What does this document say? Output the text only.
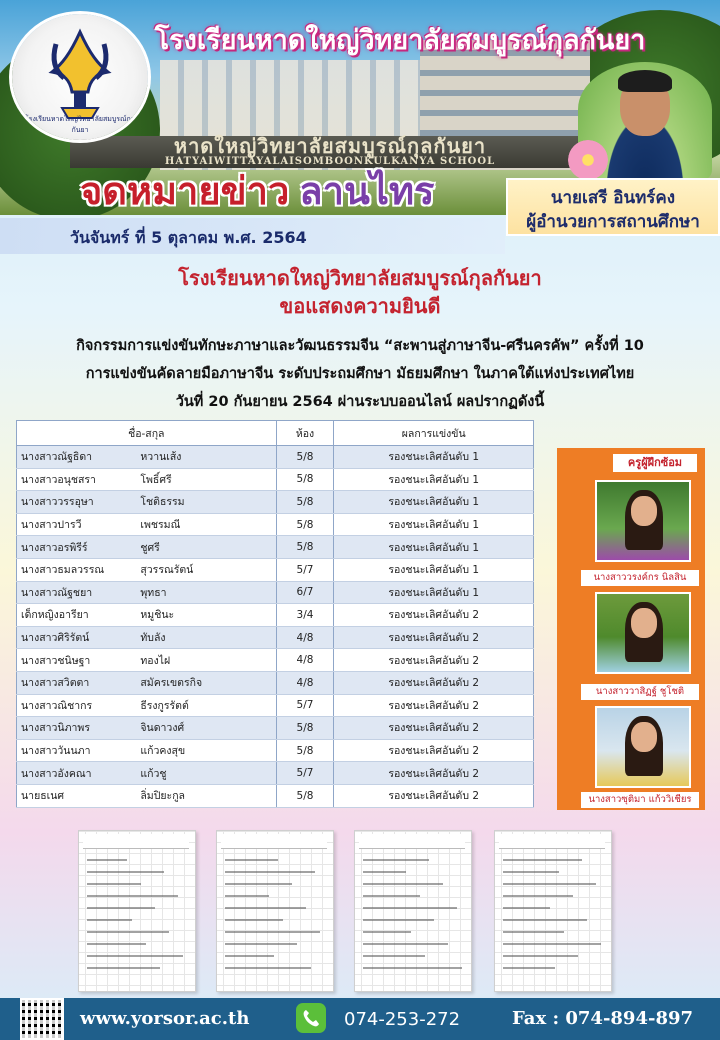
หาดใหญ่วิทยาลัยสมบูรณ์กุลกันยา
HATYAIWITTAYALAISOMBOONKULKANYA SCHOOL
โรงเรียนหาดใหญ่วิทยาลัยสมบูรณ์กุลกันยา
โรงเรียนหาดใหญ่วิทยาลัยสมบูรณ์กุลกันยา
จดหมายข่าว ลานไทร	นายเสรี อินทร์คง
ผู้อำนวยการสถานศึกษา
วันจันทร์ ที่ 5 ตุลาคม พ.ศ. 2564
โรงเรียนหาดใหญ่วิทยาลัยสมบูรณ์กุลกันยา
ขอแสดงความยินดี
กิจกรรมการแข่งขันทักษะภาษาและวัฒนธรรมจีน “สะพานสู่ภาษาจีน-ศรีนครคัพ” ครั้งที่ 10
การแข่งขันคัดลายมือภาษาจีน ระดับประถมศึกษา มัธยมศึกษา ในภาคใต้แห่งประเทศไทย
วันที่ 20 กันยายน 2564 ผ่านระบบออนไลน์ ผลปรากฏดังนี้
ชื่อ-สกุล		ห้อง	ผลการแข่งขัน
นางสาวณัฐธิดา	หวานเส้ง	5/8	รองชนะเลิศอันดับ 1
นางสาวอนุชสรา	โพธิ์ศรี	5/8	รองชนะเลิศอันดับ 1
นางสาววรรอุษา	โชติธรรม	5/8	รองชนะเลิศอันดับ 1
นางสาวปารวี	เพชรมณี	5/8	รองชนะเลิศอันดับ 1
นางสาวอรพิรีร์	ชูศรี	5/8	รองชนะเลิศอันดับ 1
นางสาวธมลวรรณ	สุวรรณรัตน์	5/7	รองชนะเลิศอันดับ 1
นางสาวณัฐชยา	พุทธา	6/7	รองชนะเลิศอันดับ 1
เด็กหญิงอารียา	หมูชินะ	3/4	รองชนะเลิศอันดับ 2
นางสาวศิริรัตน์	ทับลัง	4/8	รองชนะเลิศอันดับ 2
นางสาวชนิษฐา	ทองไฝ	4/8	รองชนะเลิศอันดับ 2
นางสาวสวิตตา	สมัครเขตรกิจ	4/8	รองชนะเลิศอันดับ 2
นางสาวณิชากร	ธีรงกูรรัตต์	5/7	รองชนะเลิศอันดับ 2
นางสาวนิภาพร	จินดาวงศ์	5/8	รองชนะเลิศอันดับ 2
นางสาววันนภา	แก้วคงสุข	5/8	รองชนะเลิศอันดับ 2
นางสาวอังคณา	แก้วชู	5/7	รองชนะเลิศอันดับ 2
นายธเนศ	ลิ่มปิยะกูล	5/8	รองชนะเลิศอันดับ 2
ครูผู้ฝึกซ้อม
นางสาววรงค์กร นิลสิน
นางสาววาสิฏฐ์ ชูโชติ
นางสาวซุติมา แก้ววิเชียร
www.yorsor.ac.th	074-253-272	Fax : 074-894-897
